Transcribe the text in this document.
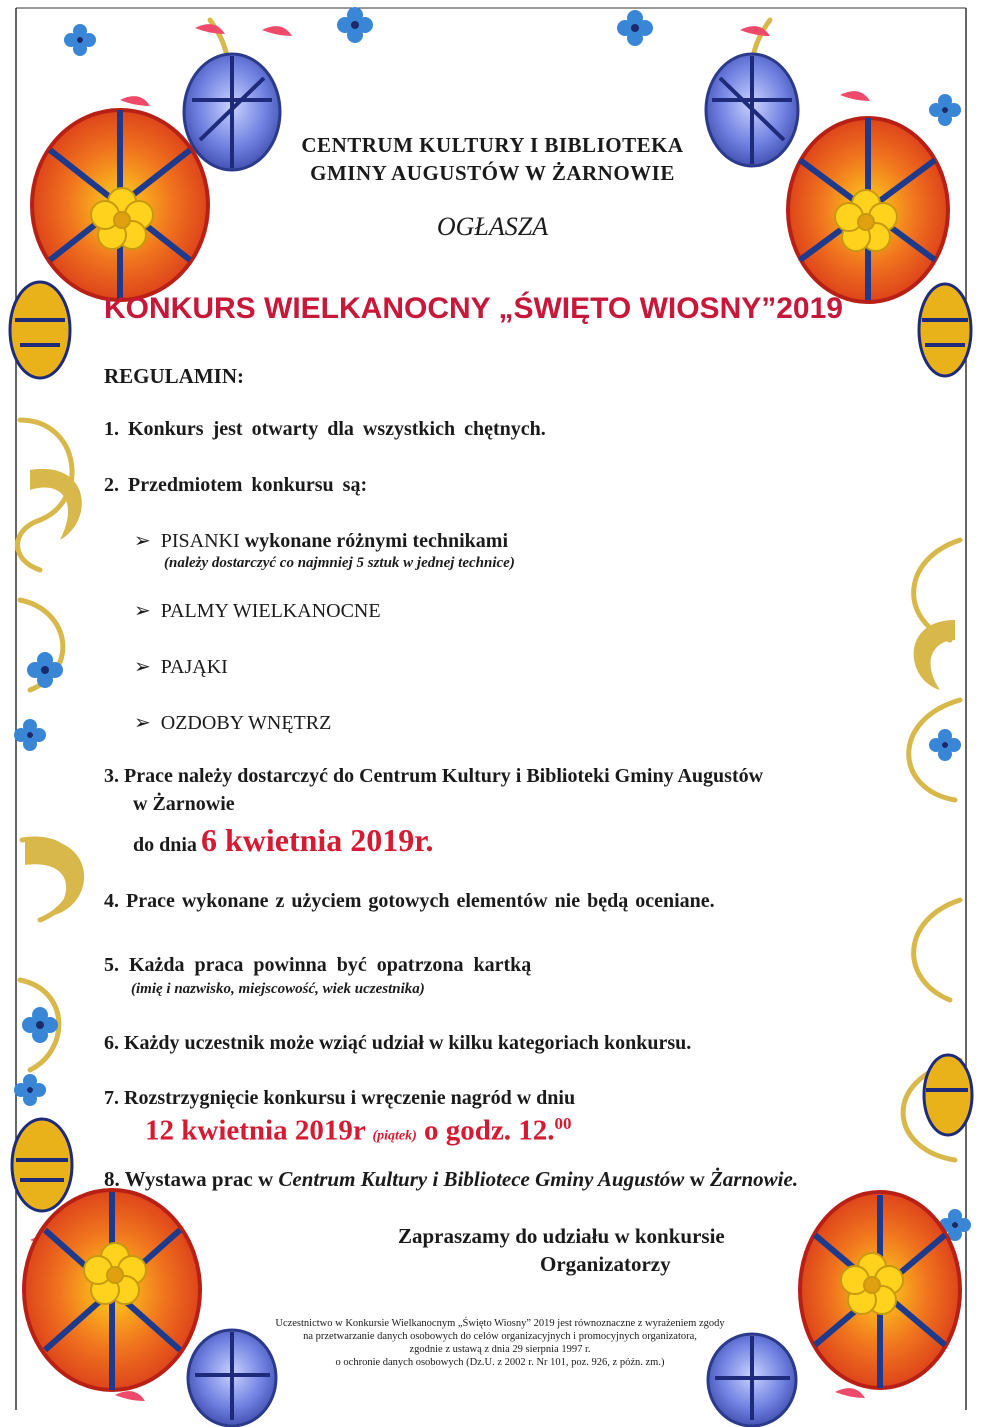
CENTRUM KULTURY I BIBLIOTEKA
GMINY AUGUSTÓW W ŻARNOWIE
OGŁASZA
KONKURS WIELKANOCNY „ŚWIĘTO WIOSNY”2019
REGULAMIN:
1. Konkurs jest otwarty dla wszystkich chętnych.
2. Przedmiotem konkursu są:
➢ PISANKI wykonane różnymi technikami
(należy dostarczyć co najmniej 5 sztuk w jednej technice)
➢ PALMY WIELKANOCNE
➢ PAJĄKI
➢ OZDOBY WNĘTRZ
3. Prace należy dostarczyć do Centrum Kultury i Biblioteki Gminy Augustów
w Żarnowie
do dnia 6 kwietnia 2019r.
4. Prace wykonane z użyciem gotowych elementów nie będą oceniane.
5. Każda praca powinna być opatrzona kartką
(imię i nazwisko, miejscowość, wiek uczestnika)
6. Każdy uczestnik może wziąć udział w kilku kategoriach konkursu.
7. Rozstrzygnięcie konkursu i wręczenie nagród w dniu
12 kwietnia 2019r (piątek) o godz. 12.00
8. Wystawa prac w Centrum Kultury i Bibliotece Gminy Augustów w Żarnowie.
Zapraszamy do udziału w konkursie
Organizatorzy
Uczestnictwo w Konkursie Wielkanocnym „Święto Wiosny” 2019 jest równoznaczne z wyrażeniem zgody
na przetwarzanie danych osobowych do celów organizacyjnych i promocyjnych organizatora,
zgodnie z ustawą z dnia 29 sierpnia 1997 r.
o ochronie danych osobowych (Dz.U. z 2002 r. Nr 101, poz. 926, z późn. zm.)
